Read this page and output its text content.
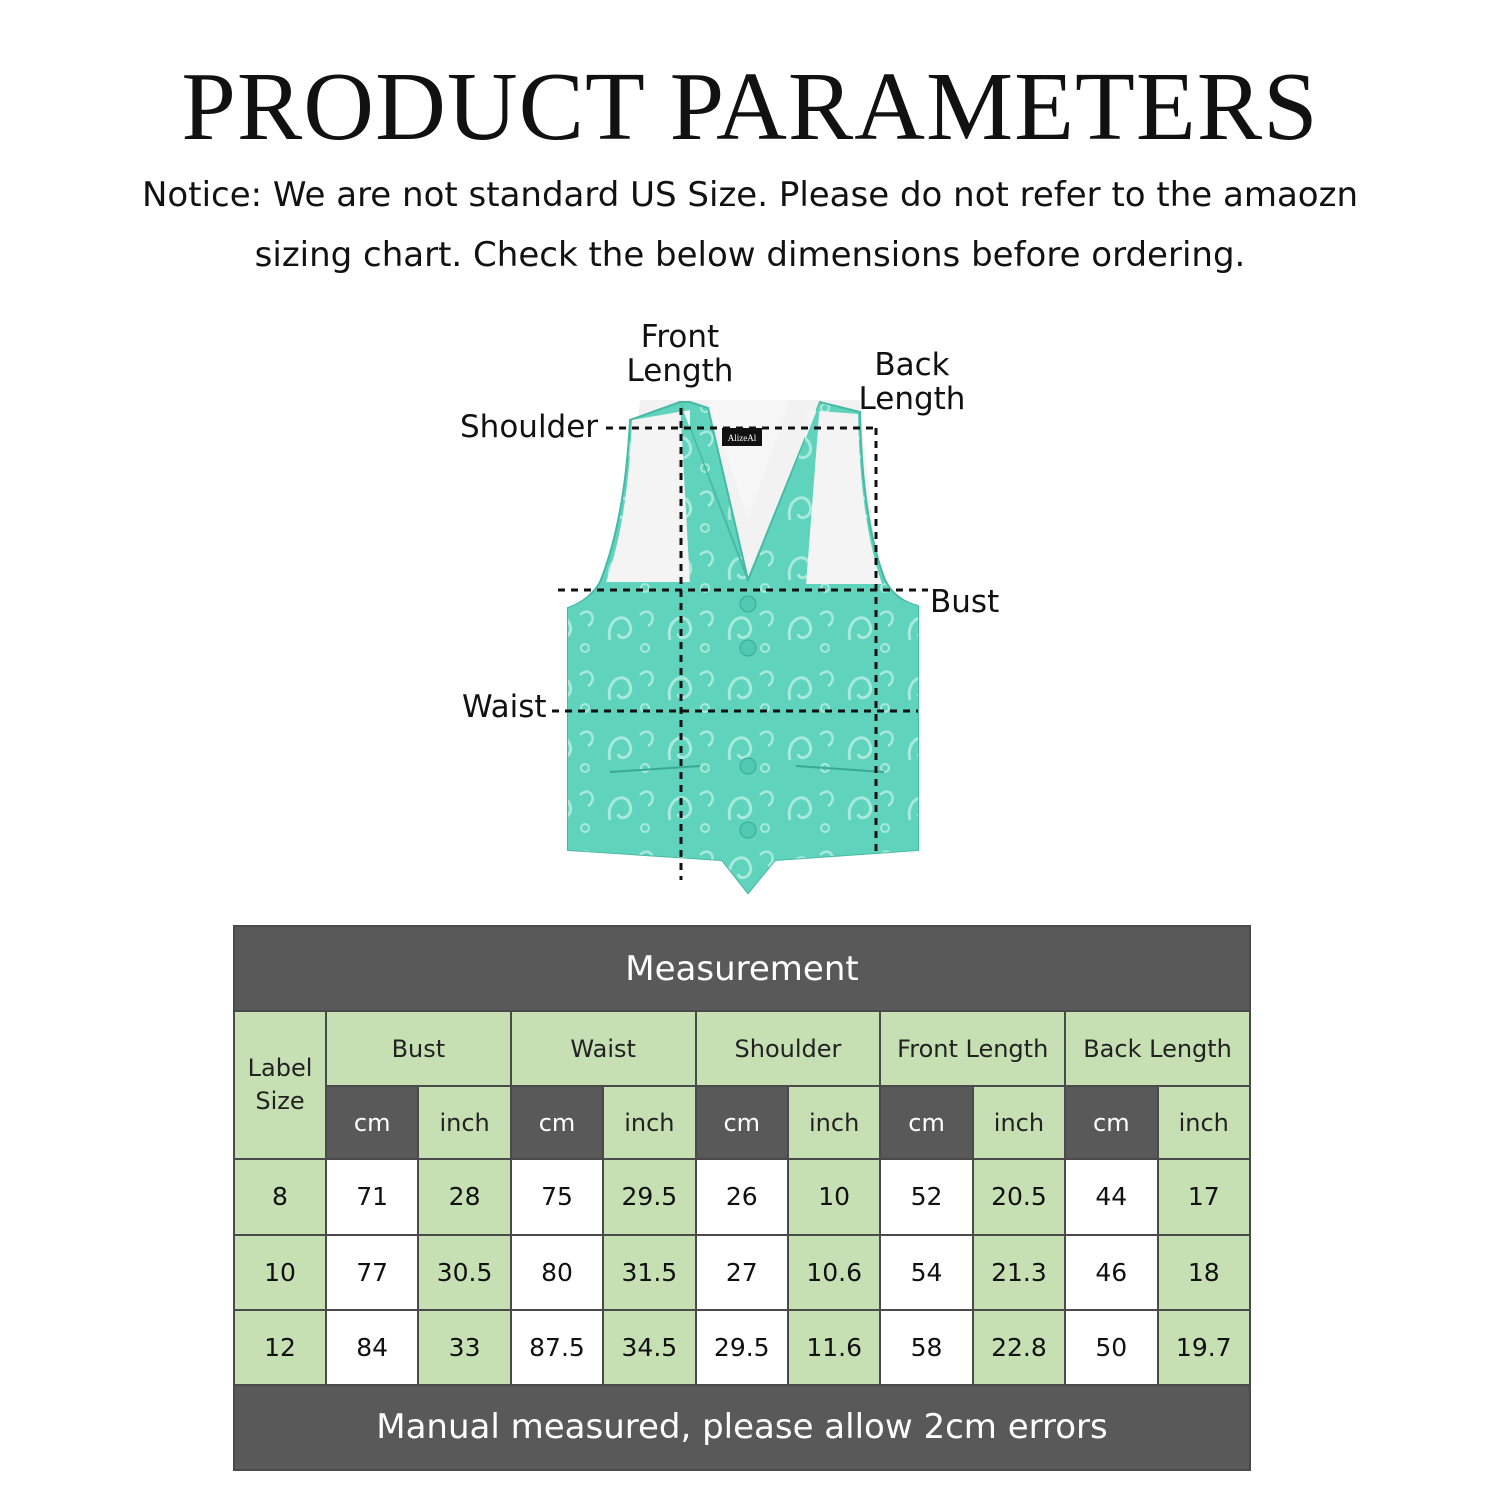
PRODUCT PARAMETERS
Notice: We are not standard US Size. Please do not refer to the amaozn
sizing chart. Check the below dimensions before ordering.
AlizeAl
Front
Length	Back
Length
Shoulder
Bust
Waist
Measurement										

Label
Size	Bust		Waist		Shoulder		Front Length		Back Length	
	cm	inch	cm	inch	cm	inch	cm	inch	cm	inch
8	71	28	75	29.5	26	10	52	20.5	44	17
10	77	30.5	80	31.5	27	10.6	54	21.3	46	18
12	84	33	87.5	34.5	29.5	11.6	58	22.8	50	19.7
Manual measured, please allow 2cm errors										
